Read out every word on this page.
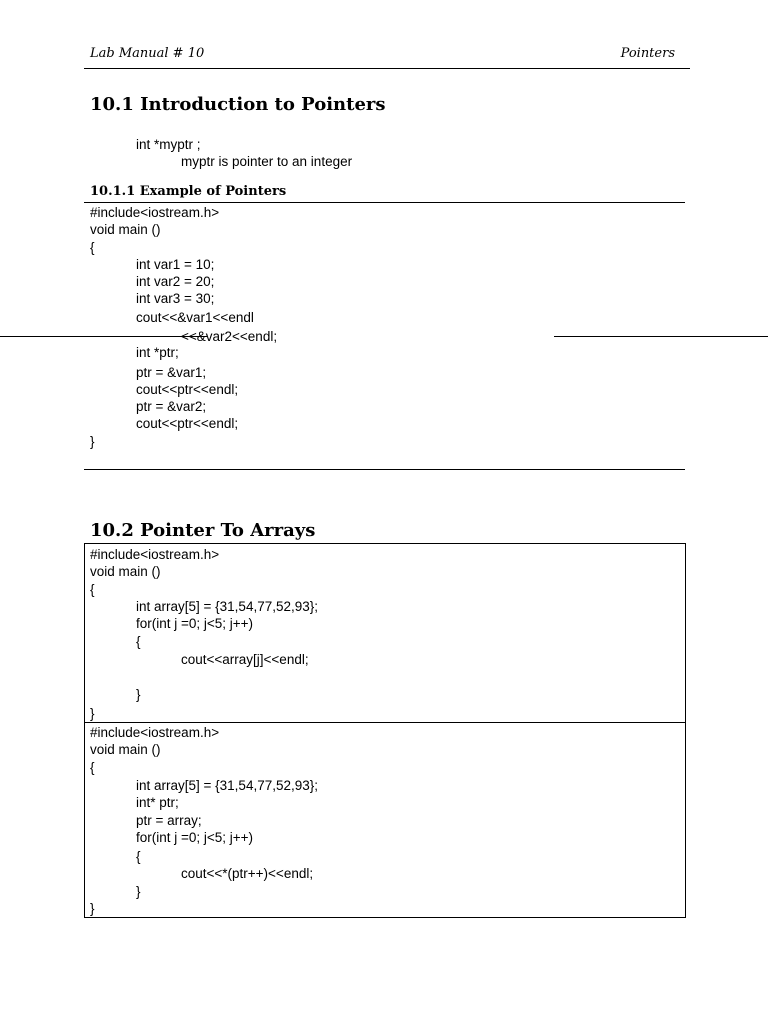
Lab Manual # 10	Pointers
10.1 Introduction to Pointers
int *myptr ;
myptr is pointer to an integer
10.1.1 Example of Pointers
#include<iostream.h>
void main ()
{
int var1 = 10;
int var2 = 20;
int var3 = 30;
cout<<&var1<<endl
<<&var2<<endl;
int *ptr;
ptr = &var1;
cout<<ptr<<endl;
ptr = &var2;
cout<<ptr<<endl;
}
10.2 Pointer To Arrays
#include<iostream.h>
void main ()
{
int array[5] = {31,54,77,52,93};
for(int j =0; j<5; j++)
{
cout<<array[j]<<endl;
}
}
#include<iostream.h>
void main ()
{
int array[5] = {31,54,77,52,93};
int* ptr;
ptr = array;
for(int j =0; j<5; j++)
{
cout<<*(ptr++)<<endl;
}
}
